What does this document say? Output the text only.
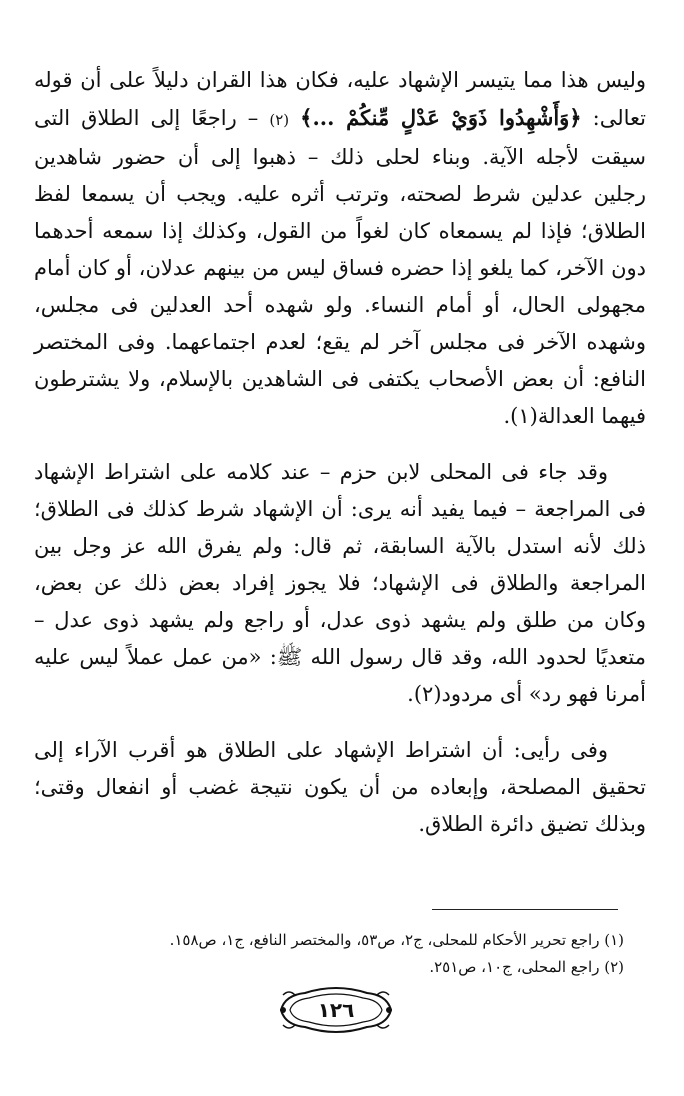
وليس هذا مما يتيسر الإشهاد عليه، فكان هذا القران دليلاً على أن قوله تعالى: ﴿وَأَشْهِدُوا ذَوَيْ عَدْلٍ مِّنكُمْ ...﴾ (٢) – راجعًا إلى الطلاق التى سيقت لأجله الآية. وبناء لحلى ذلك – ذهبوا إلى أن حضور شاهدين رجلين عدلين شرط لصحته، وترتب أثره عليه. ويجب أن يسمعا لفظ الطلاق؛ فإذا لم يسمعاه كان لغواً من القول، وكذلك إذا سمعه أحدهما دون الآخر، كما يلغو إذا حضره فساق ليس من بينهم عدلان، أو كان أمام مجهولى الحال، أو أمام النساء. ولو شهده أحد العدلين فى مجلس، وشهده الآخر فى مجلس آخر لم يقع؛ لعدم اجتماعهما. وفى المختصر النافع: أن بعض الأصحاب يكتفى فى الشاهدين بالإسلام، ولا يشترطون فيهما العدالة(١).

وقد جاء فى المحلى لابن حزم – عند كلامه على اشتراط الإشهاد فى المراجعة – فيما يفيد أنه يرى: أن الإشهاد شرط كذلك فى الطلاق؛ ذلك لأنه استدل بالآية السابقة، ثم قال: ولم يفرق الله عز وجل بين المراجعة والطلاق فى الإشهاد؛ فلا يجوز إفراد بعض ذلك عن بعض، وكان من طلق ولم يشهد ذوى عدل، أو راجع ولم يشهد ذوى عدل – متعديًا لحدود الله، وقد قال رسول الله ﷺ: «من عمل عملاً ليس عليه أمرنا فهو رد» أى مردود(٢).

وفى رأيى: أن اشتراط الإشهاد على الطلاق هو أقرب الآراء إلى تحقيق المصلحة، وإبعاده من أن يكون نتيجة غضب أو انفعال وقتى؛ وبذلك تضيق دائرة الطلاق.

(١) راجع تحرير الأحكام للمحلى، ج٢، ص٥٣، والمختصر النافع، ج١، ص١٥٨.
(٢) راجع المحلى، ج١٠، ص٢٥١.
١٢٦
